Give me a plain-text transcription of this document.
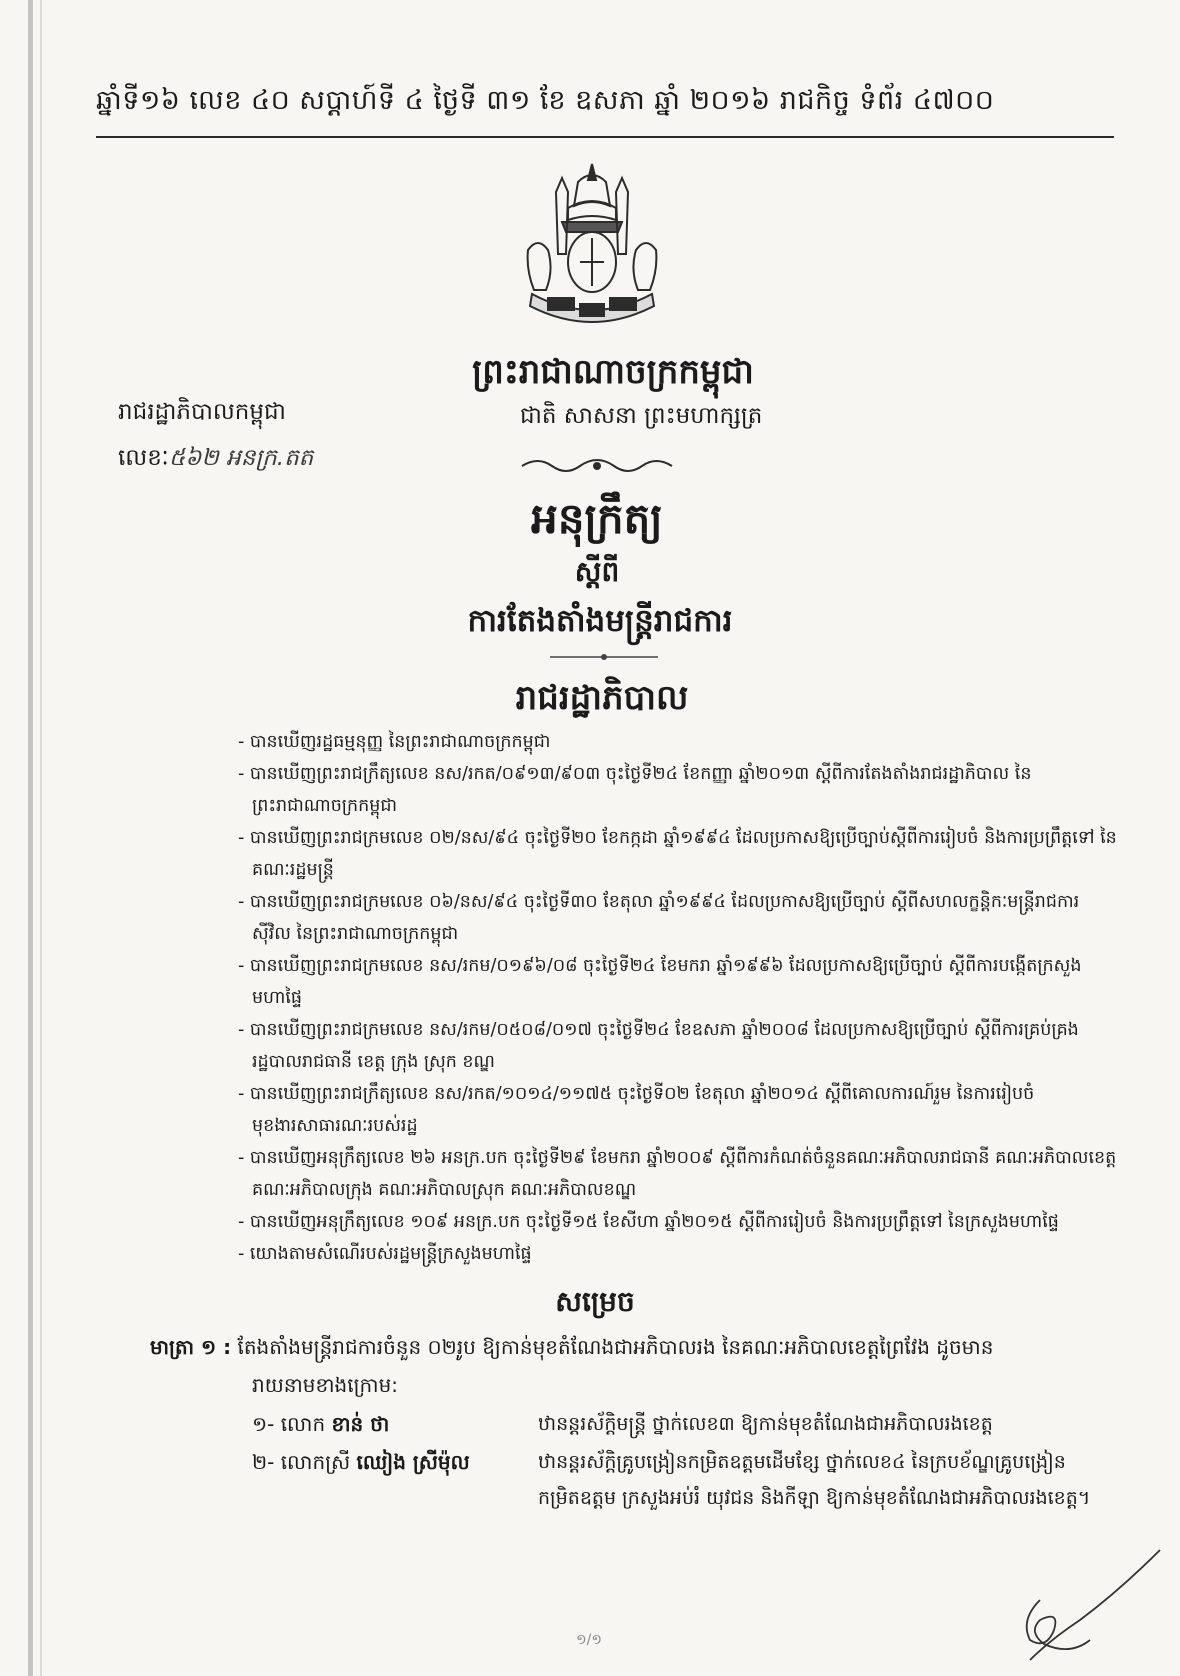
ឆ្នាំទី១៦ លេខ ៤០ សប្ដាហ៍ទី ៤ ថ្ងៃទី ៣១ ខែ ឧសភា ឆ្នាំ ២០១៦ រាជកិច្ច ទំព័រ ៤៧០០
ព្រះរាជាណាចក្រកម្ពុជា
ជាតិ សាសនា ព្រះមហាក្សត្រ
រាជរដ្ឋាភិបាលកម្ពុជា
លេខៈ៥៦២ អនក្រ.តត
អនុក្រឹត្យ
ស្ដីពី
ការតែងតាំងមន្ត្រីរាជការ
រាជរដ្ឋាភិបាល
- បានឃើញរដ្ឋធម្មនុញ្ញ នៃព្រះរាជាណាចក្រកម្ពុជា
- បានឃើញព្រះរាជក្រឹត្យលេខ នស/រកត/០៩១៣/៩០៣ ចុះថ្ងៃទី២៤ ខែកញ្ញា ឆ្នាំ២០១៣ ស្ដីពីការតែងតាំងរាជរដ្ឋាភិបាល នៃព្រះរាជាណាចក្រកម្ពុជា
- បានឃើញព្រះរាជក្រមលេខ ០២/នស/៩៤ ចុះថ្ងៃទី២០ ខែកក្កដា ឆ្នាំ១៩៩៤ ដែលប្រកាសឱ្យប្រើច្បាប់ស្ដីពីការរៀបចំ និងការប្រព្រឹត្តទៅ នៃគណៈរដ្ឋមន្ត្រី
- បានឃើញព្រះរាជក្រមលេខ ០៦/នស/៩៤ ចុះថ្ងៃទី៣០ ខែតុលា ឆ្នាំ១៩៩៤ ដែលប្រកាសឱ្យប្រើច្បាប់ ស្ដីពីសហលក្ខន្តិកៈមន្ត្រីរាជការស៊ីវិល នៃព្រះរាជាណាចក្រកម្ពុជា
- បានឃើញព្រះរាជក្រមលេខ នស/រកម/០១៩៦/០៨ ចុះថ្ងៃទី២៤ ខែមករា ឆ្នាំ១៩៩៦ ដែលប្រកាសឱ្យប្រើច្បាប់ ស្ដីពីការបង្កើតក្រសួងមហាផ្ទៃ
- បានឃើញព្រះរាជក្រមលេខ នស/រកម/០៥០៨/០១៧ ចុះថ្ងៃទី២៤ ខែឧសភា ឆ្នាំ២០០៨ ដែលប្រកាសឱ្យប្រើច្បាប់ ស្ដីពីការគ្រប់គ្រងរដ្ឋបាលរាជធានី ខេត្ត ក្រុង ស្រុក ខណ្ឌ
- បានឃើញព្រះរាជក្រឹត្យលេខ នស/រកត/១០១៤/១១៧៥ ចុះថ្ងៃទី០២ ខែតុលា ឆ្នាំ២០១៤ ស្ដីពីគោលការណ៍រួម នៃការរៀបចំមុខងារសាធារណៈរបស់រដ្ឋ
- បានឃើញអនុក្រឹត្យលេខ ២៦ អនក្រ.បក ចុះថ្ងៃទី២៩ ខែមករា ឆ្នាំ២០០៩ ស្ដីពីការកំណត់ចំនួនគណៈអភិបាលរាជធានី គណៈអភិបាលខេត្ត គណៈអភិបាលក្រុង គណៈអភិបាលស្រុក គណៈអភិបាលខណ្ឌ
- បានឃើញអនុក្រឹត្យលេខ ១០៩ អនក្រ.បក ចុះថ្ងៃទី១៥ ខែសីហា ឆ្នាំ២០១៥ ស្ដីពីការរៀបចំ និងការប្រព្រឹត្តទៅ នៃក្រសួងមហាផ្ទៃ
- យោងតាមសំណើរបស់រដ្ឋមន្ត្រីក្រសួងមហាផ្ទៃ
សម្រេច
មាត្រា ១ : តែងតាំងមន្ត្រីរាជការចំនួន ០២រូប ឱ្យកាន់មុខតំណែងជាអភិបាលរង នៃគណៈអភិបាលខេត្តព្រៃវែង ដូចមាន
រាយនាមខាងក្រោម:
១- លោក ខាន់ ថា	ឋានន្តរស័ក្តិមន្ត្រី ថ្នាក់លេខ៣ ឱ្យកាន់មុខតំណែងជាអភិបាលរងខេត្ត
២- លោកស្រី ឈៀង ស្រីម៉ុល	ឋានន្តរស័ក្តិគ្រូបង្រៀនកម្រិតឧត្តមដើមខ្សែ ថ្នាក់លេខ៤ នៃក្របខ័ណ្ឌគ្រូបង្រៀនកម្រិតឧត្តម ក្រសួងអប់រំ យុវជន និងកីឡា ឱ្យកាន់មុខតំណែងជាអភិបាលរងខេត្ត។
១/១
